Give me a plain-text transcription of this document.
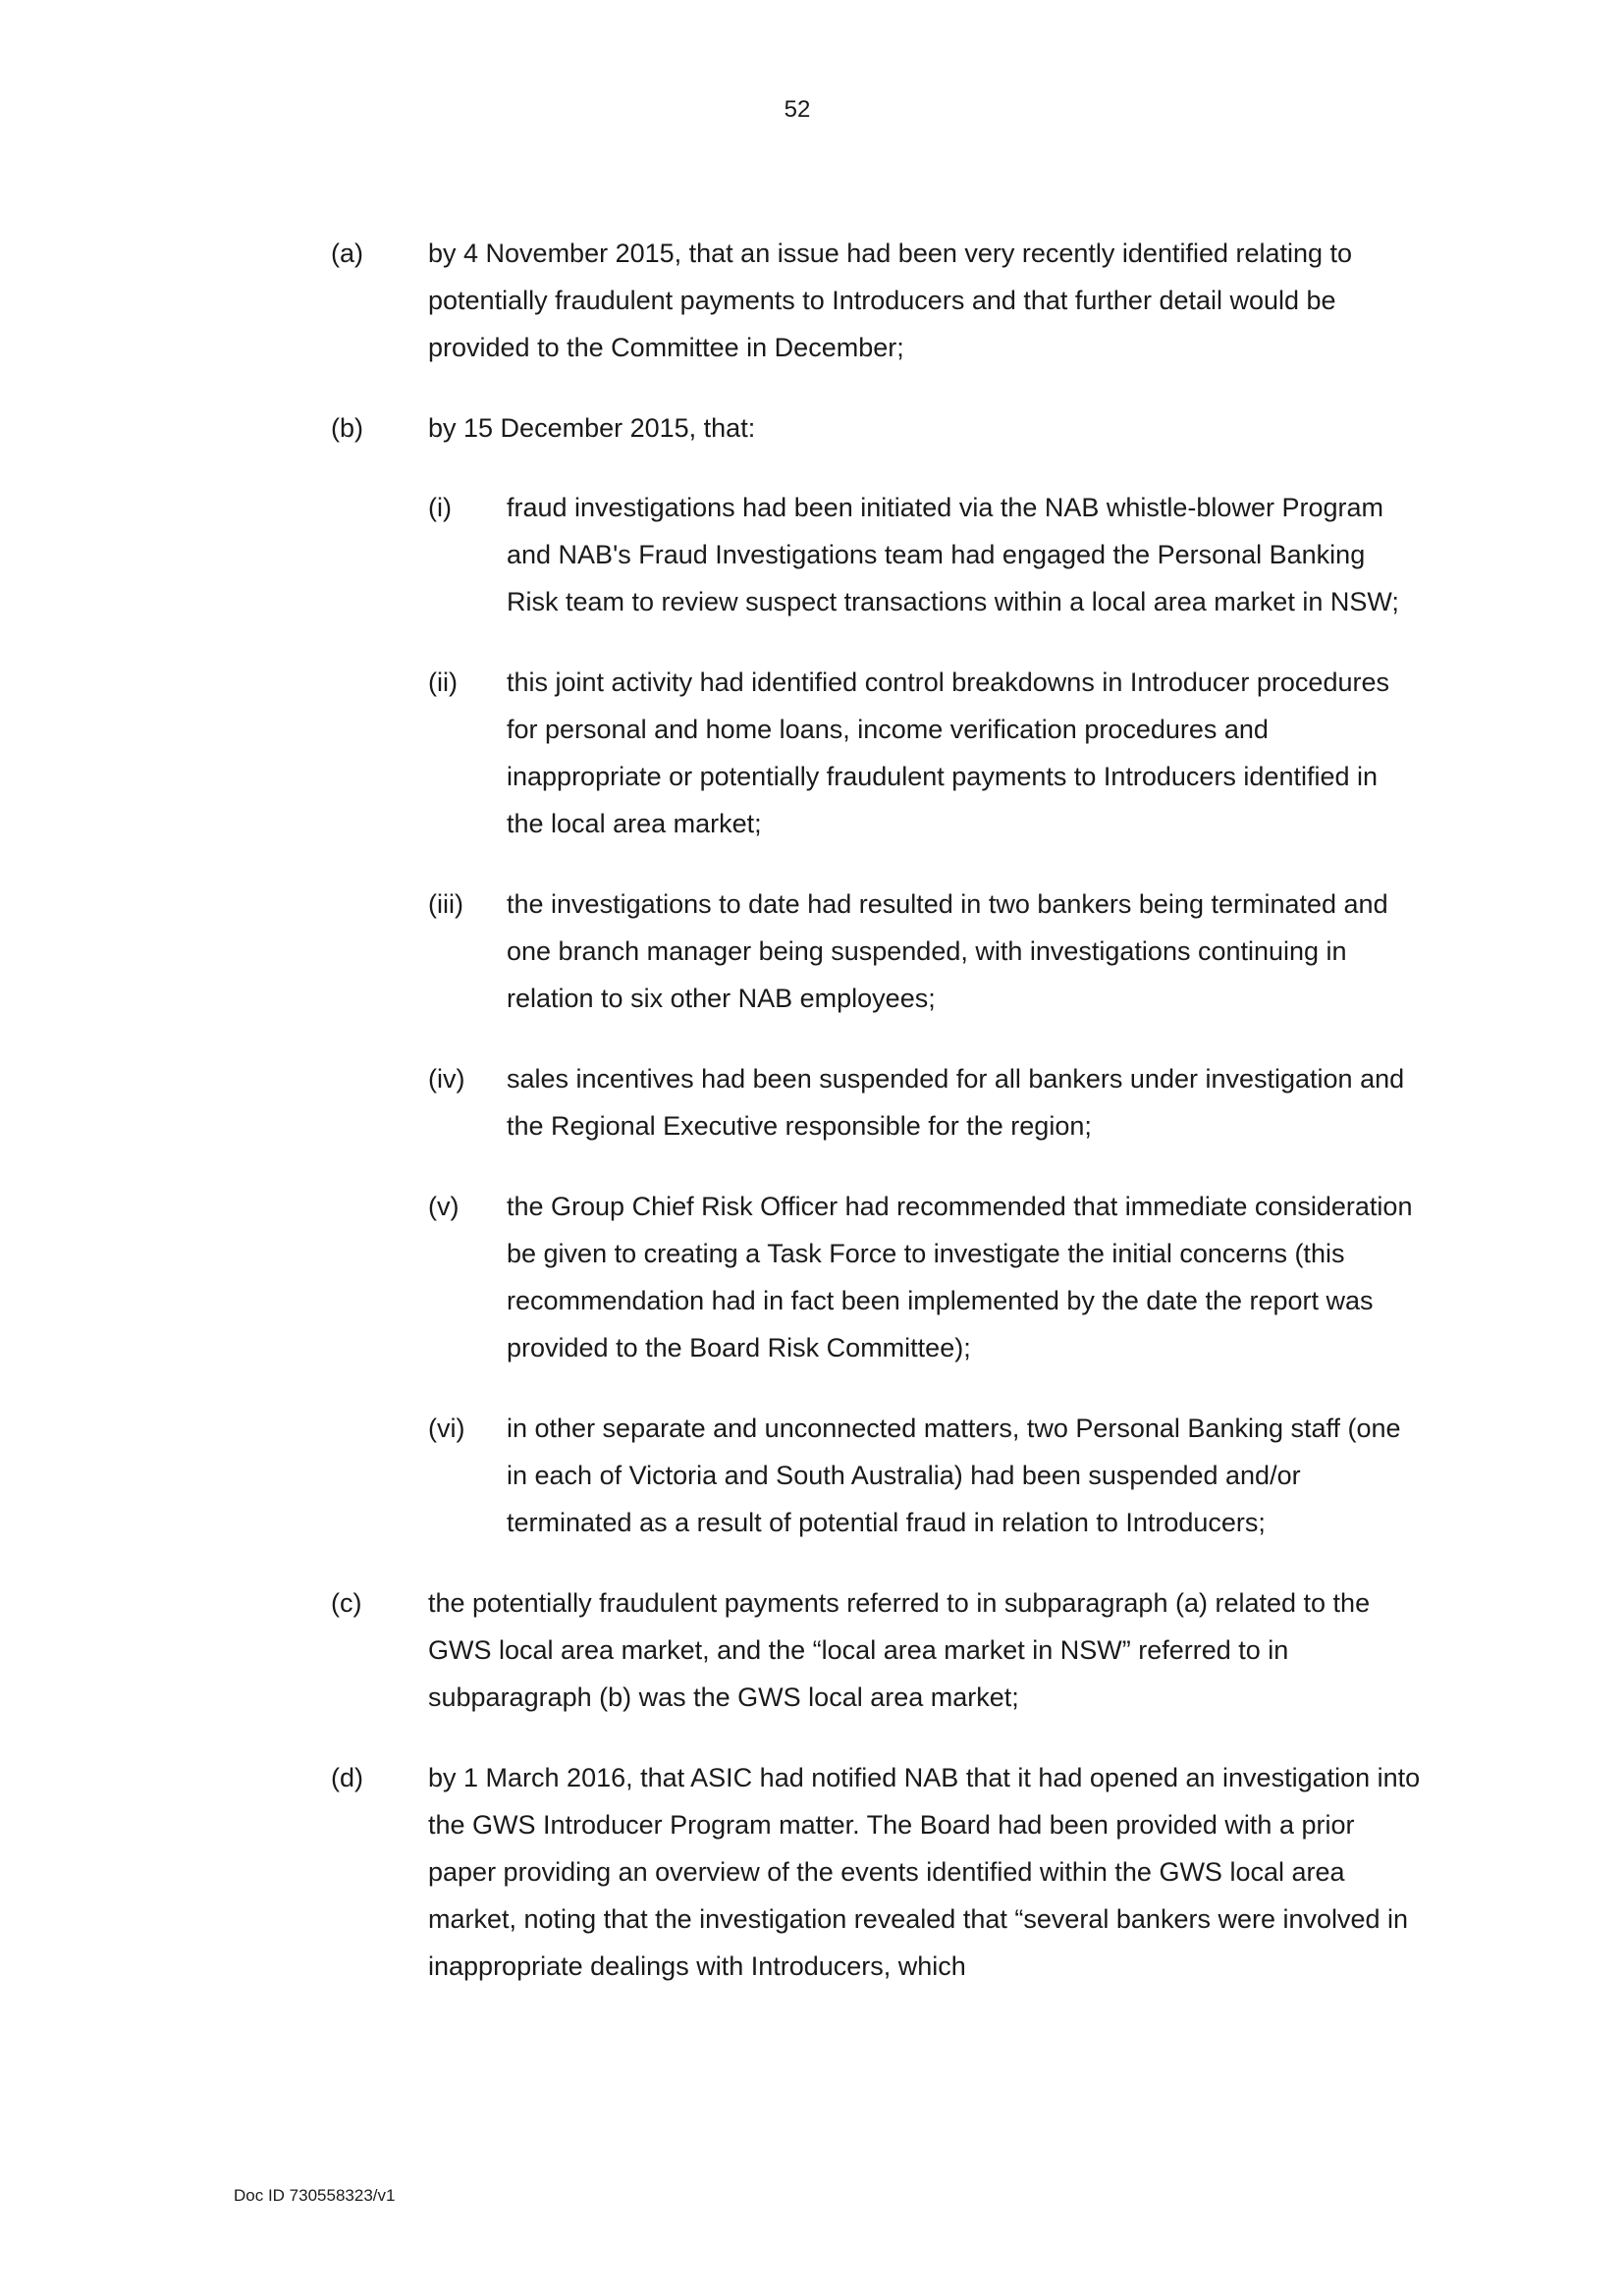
52
(a) by 4 November 2015, that an issue had been very recently identified relating to potentially fraudulent payments to Introducers and that further detail would be provided to the Committee in December;
(b) by 15 December 2015, that:
(i) fraud investigations had been initiated via the NAB whistle-blower Program and NAB's Fraud Investigations team had engaged the Personal Banking Risk team to review suspect transactions within a local area market in NSW;
(ii) this joint activity had identified control breakdowns in Introducer procedures for personal and home loans, income verification procedures and inappropriate or potentially fraudulent payments to Introducers identified in the local area market;
(iii) the investigations to date had resulted in two bankers being terminated and one branch manager being suspended, with investigations continuing in relation to six other NAB employees;
(iv) sales incentives had been suspended for all bankers under investigation and the Regional Executive responsible for the region;
(v) the Group Chief Risk Officer had recommended that immediate consideration be given to creating a Task Force to investigate the initial concerns (this recommendation had in fact been implemented by the date the report was provided to the Board Risk Committee);
(vi) in other separate and unconnected matters, two Personal Banking staff (one in each of Victoria and South Australia) had been suspended and/or terminated as a result of potential fraud in relation to Introducers;
(c)	the potentially fraudulent payments referred to in subparagraph (a) related to the GWS local area market, and the “local area market in NSW” referred to in subparagraph (b) was the GWS local area market;
(d) by 1 March 2016, that ASIC had notified NAB that it had opened an investigation into the GWS Introducer Program matter. The Board had been provided with a prior paper providing an overview of the events identified within the GWS local area market, noting that the investigation revealed that “several bankers were involved in inappropriate dealings with Introducers, which
Doc ID 730558323/v1
